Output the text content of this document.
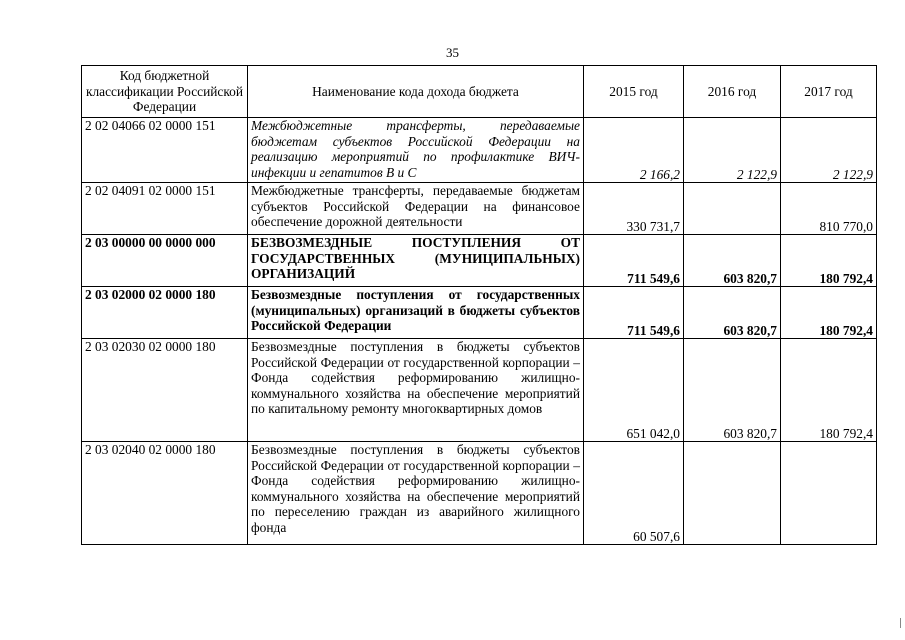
35
Код бюджетной классификации Российской Федерации	Наименование кода дохода бюджета	2015 год	2016 год	2017 год
2 02 04066 02 0000 151	Межбюджетные трансферты, передаваемые бюджетам субъектов Российской Федерации на реализацию мероприятий по профилактике ВИЧ-инфекции и гепатитов В и С	2 166,2	2 122,9	2 122,9
2 02 04091 02 0000 151	Межбюджетные трансферты, передаваемые бюджетам субъектов Российской Федерации на финансовое обеспечение дорожной деятельности	330 731,7		810 770,0
2 03 00000 00 0000 000	БЕЗВОЗМЕЗДНЫЕ ПОСТУПЛЕНИЯ ОТ ГОСУДАРСТВЕННЫХ (МУНИЦИПАЛЬНЫХ) ОРГАНИЗАЦИЙ	711 549,6	603 820,7	180 792,4
2 03 02000 02 0000 180	Безвозмездные поступления от государственных (муниципальных) организаций в бюджеты субъектов Российской Федерации	711 549,6	603 820,7	180 792,4
2 03 02030 02 0000 180	Безвозмездные поступления в бюджеты субъектов Российской Федерации от государственной корпорации – Фонда содействия реформированию жилищно-коммунального хозяйства на обеспечение мероприятий по капитальному ремонту многоквартирных домов	651 042,0	603 820,7	180 792,4
2 03 02040 02 0000 180	Безвозмездные поступления в бюджеты субъектов Российской Федерации от государственной корпорации – Фонда содействия реформированию жилищно-коммунального хозяйства на обеспечение мероприятий по переселению граждан из аварийного жилищного фонда	60 507,6		
